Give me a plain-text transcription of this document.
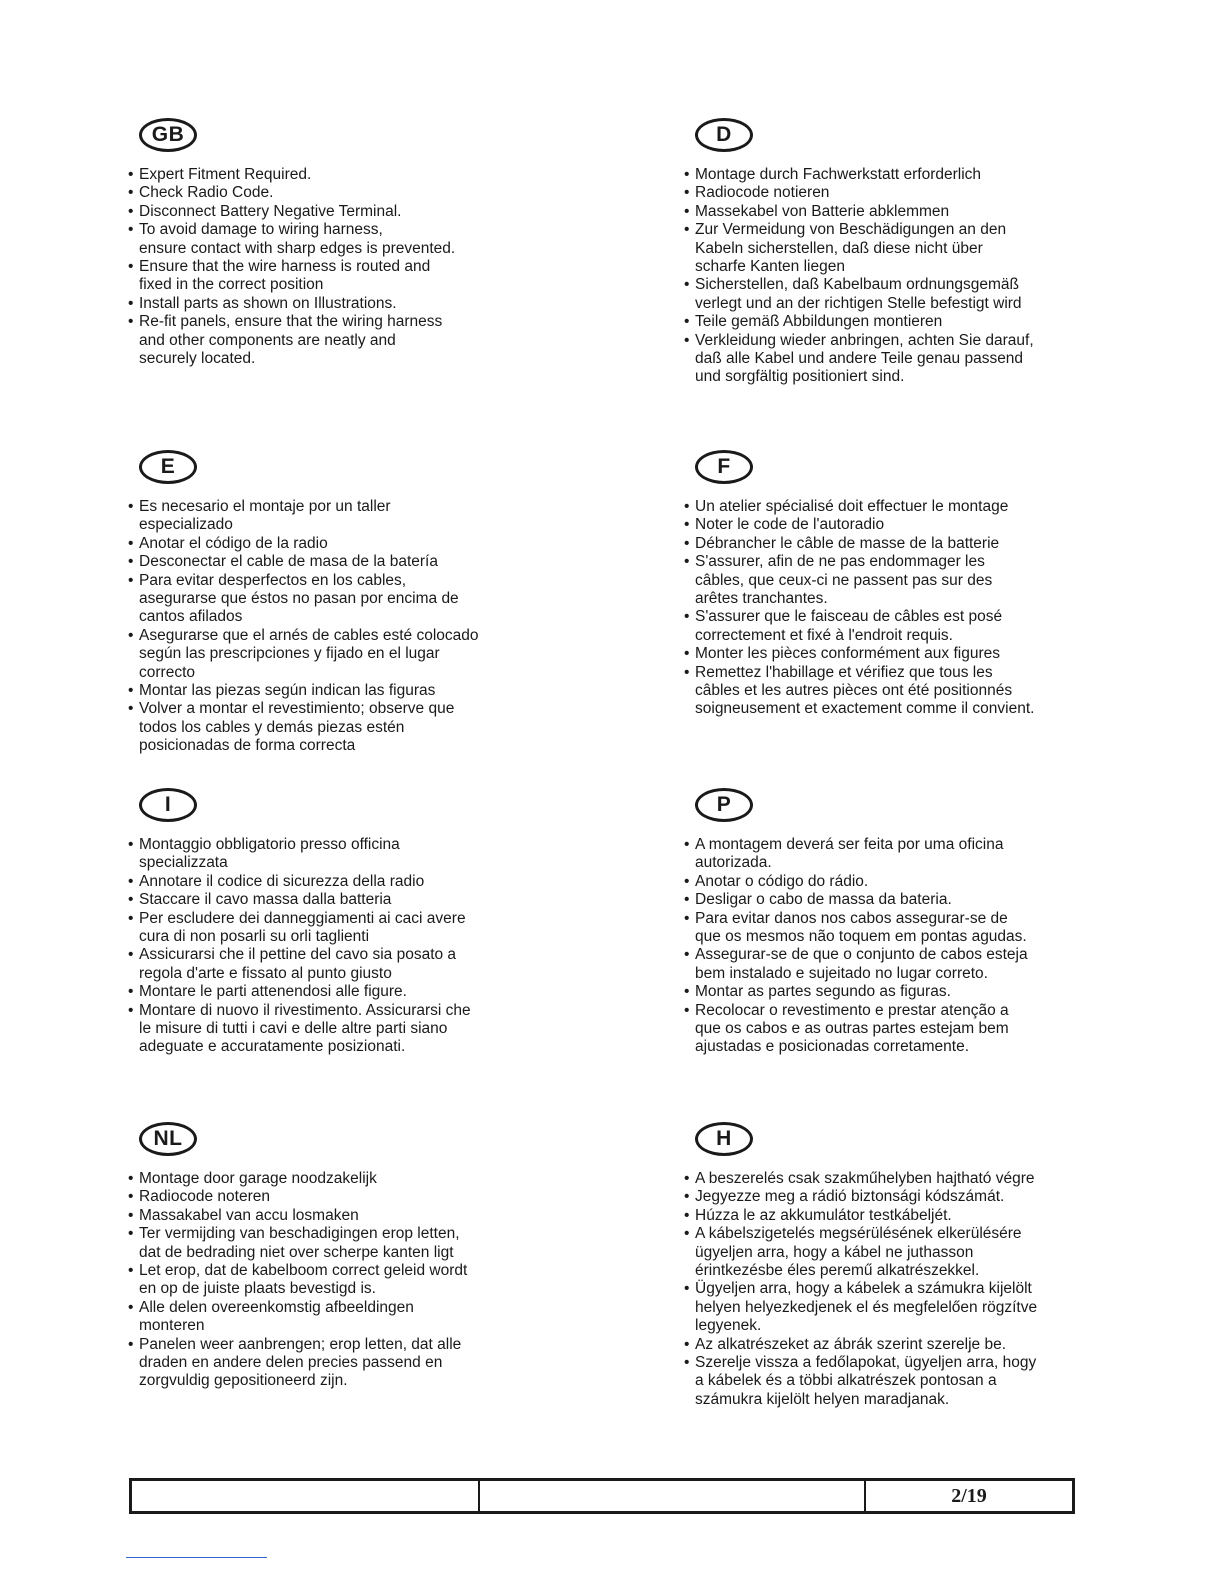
GB
• Expert Fitment Required.
• Check Radio Code.
• Disconnect Battery Negative Terminal.
• To avoid damage to wiring harness,
ensure contact with sharp edges is prevented.
• Ensure that the wire harness is routed and
fixed in the correct position
• Install parts as shown on Illustrations.
• Re-fit panels, ensure that the wiring harness
and other components are neatly and
securely located.
D
• Montage durch Fachwerkstatt erforderlich
• Radiocode notieren
• Massekabel von Batterie abklemmen
• Zur Vermeidung von Beschädigungen an den
Kabeln sicherstellen, daß diese nicht über
scharfe Kanten liegen
• Sicherstellen, daß Kabelbaum ordnungsgemäß
verlegt und an der richtigen Stelle befestigt wird
• Teile gemäß Abbildungen montieren
• Verkleidung wieder anbringen, achten Sie darauf,
daß alle Kabel und andere Teile genau passend
und sorgfältig positioniert sind.
E
• Es necesario el montaje por un taller
especializado
• Anotar el código de la radio
• Desconectar el cable de masa de la batería
• Para evitar desperfectos en los cables,
asegurarse que éstos no pasan por encima de
cantos afilados
• Asegurarse que el arnés de cables esté colocado
según las prescripciones y fijado en el lugar
correcto
• Montar las piezas según indican las figuras
• Volver a montar el revestimiento; observe que
todos los cables y demás piezas estén
posicionadas de forma correcta
F
• Un atelier spécialisé doit effectuer le montage
• Noter le code de l'autoradio
• Débrancher le câble de masse de la batterie
• S'assurer, afin de ne pas endommager les
câbles, que ceux-ci ne passent pas sur des
arêtes tranchantes.
• S'assurer que le faisceau de câbles est posé
correctement et fixé à l'endroit requis.
• Monter les pièces conformément aux figures
• Remettez l'habillage et vérifiez que tous les
câbles et les autres pièces ont été positionnés
soigneusement et exactement comme il convient.
I
• Montaggio obbligatorio presso officina
specializzata
• Annotare il codice di sicurezza della radio
• Staccare il cavo massa dalla batteria
• Per escludere dei danneggiamenti ai caci avere
cura di non posarli su orli taglienti
• Assicurarsi che il pettine del cavo sia posato a
regola d'arte e fissato al punto giusto
• Montare le parti attenendosi alle figure.
• Montare di nuovo il rivestimento. Assicurarsi che
le misure di tutti i cavi e delle altre parti siano
adeguate e accuratamente posizionati.
P
• A montagem deverá ser feita por uma oficina
autorizada.
• Anotar o código do rádio.
• Desligar o cabo de massa da bateria.
• Para evitar danos nos cabos assegurar-se de
que os mesmos não toquem em pontas agudas.
• Assegurar-se de que o conjunto de cabos esteja
bem instalado e sujeitado no lugar correto.
• Montar as partes segundo as figuras.
• Recolocar o revestimento e prestar atenção a
que os cabos e as outras partes estejam bem
ajustadas e posicionadas corretamente.
NL
• Montage door garage noodzakelijk
• Radiocode noteren
• Massakabel van accu losmaken
• Ter vermijding van beschadigingen erop letten,
dat de bedrading niet over scherpe kanten ligt
• Let erop, dat de kabelboom correct geleid wordt
en op de juiste plaats bevestigd is.
• Alle delen overeenkomstig afbeeldingen
monteren
• Panelen weer aanbrengen; erop letten, dat alle
draden en andere delen precies passend en
zorgvuldig gepositioneerd zijn.
H
• A beszerelés csak szakműhelyben hajtható végre
• Jegyezze meg a rádió biztonsági kódszámát.
• Húzza le az akkumulátor testkábeljét.
• A kábelszigetelés megsérülésének elkerülésére
ügyeljen arra, hogy a kábel ne juthasson
érintkezésbe éles peremű alkatrészekkel.
• Ügyeljen arra, hogy a kábelek a számukra kijelölt
helyen helyezkedjenek el és megfelelően rögzítve
legyenek.
• Az alkatrészeket az ábrák szerint szerelje be.
• Szerelje vissza a fedőlapokat, ügyeljen arra, hogy
a kábelek és a többi alkatrészek pontosan a
számukra kijelölt helyen maradjanak.
2/19
